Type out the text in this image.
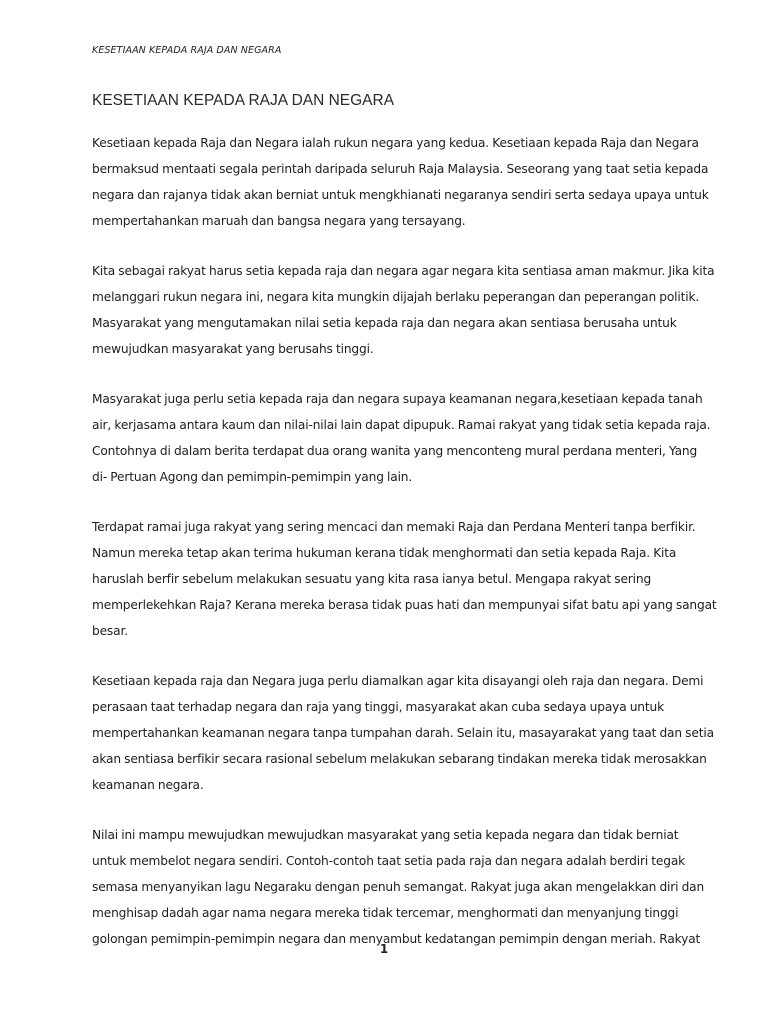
KESETIAAN KEPADA RAJA DAN NEGARA
KESETIAAN KEPADA RAJA DAN NEGARA

Kesetiaan kepada Raja dan Negara ialah rukun negara yang kedua. Kesetiaan kepada Raja dan Negara
bermaksud mentaati segala perintah daripada seluruh Raja Malaysia. Seseorang yang taat setia kepada
negara dan rajanya tidak akan berniat untuk mengkhianati negaranya sendiri serta sedaya upaya untuk
mempertahankan maruah dan bangsa negara yang tersayang.

Kita sebagai rakyat harus setia kepada raja dan negara agar negara kita sentiasa aman makmur. Jika kita
melanggari rukun negara ini, negara kita mungkin dijajah berlaku peperangan dan peperangan politik.
Masyarakat yang mengutamakan nilai setia kepada raja dan negara akan sentiasa berusaha untuk
mewujudkan masyarakat yang berusahs tinggi.

Masyarakat juga perlu setia kepada raja dan negara supaya keamanan negara,kesetiaan kepada tanah
air, kerjasama antara kaum dan nilai-nilai lain dapat dipupuk. Ramai rakyat yang tidak setia kepada raja.
Contohnya di dalam berita terdapat dua orang wanita yang menconteng mural perdana menteri, Yang
di- Pertuan Agong dan pemimpin-pemimpin yang lain.

Terdapat ramai juga rakyat yang sering mencaci dan memaki Raja dan Perdana Menteri tanpa berfikir.
Namun mereka tetap akan terima hukuman kerana tidak menghormati dan setia kepada Raja. Kita
haruslah berfir sebelum melakukan sesuatu yang kita rasa ianya betul. Mengapa rakyat sering
memperlekehkan Raja? Kerana mereka berasa tidak puas hati dan mempunyai sifat batu api yang sangat
besar.

Kesetiaan kepada raja dan Negara juga perlu diamalkan agar kita disayangi oleh raja dan negara. Demi
perasaan taat terhadap negara dan raja yang tinggi, masyarakat akan cuba sedaya upaya untuk
mempertahankan keamanan negara tanpa tumpahan darah. Selain itu, masayarakat yang taat dan setia
akan sentiasa berfikir secara rasional sebelum melakukan sebarang tindakan mereka tidak merosakkan
keamanan negara.

Nilai ini mampu mewujudkan mewujudkan masyarakat yang setia kepada negara dan tidak berniat
untuk membelot negara sendiri. Contoh-contoh taat setia pada raja dan negara adalah berdiri tegak
semasa menyanyikan lagu Negaraku dengan penuh semangat. Rakyat juga akan mengelakkan diri dan
menghisap dadah agar nama negara mereka tidak tercemar, menghormati dan menyanjung tinggi
golongan pemimpin-pemimpin negara dan menyambut kedatangan pemimpin dengan meriah. Rakyat

1
